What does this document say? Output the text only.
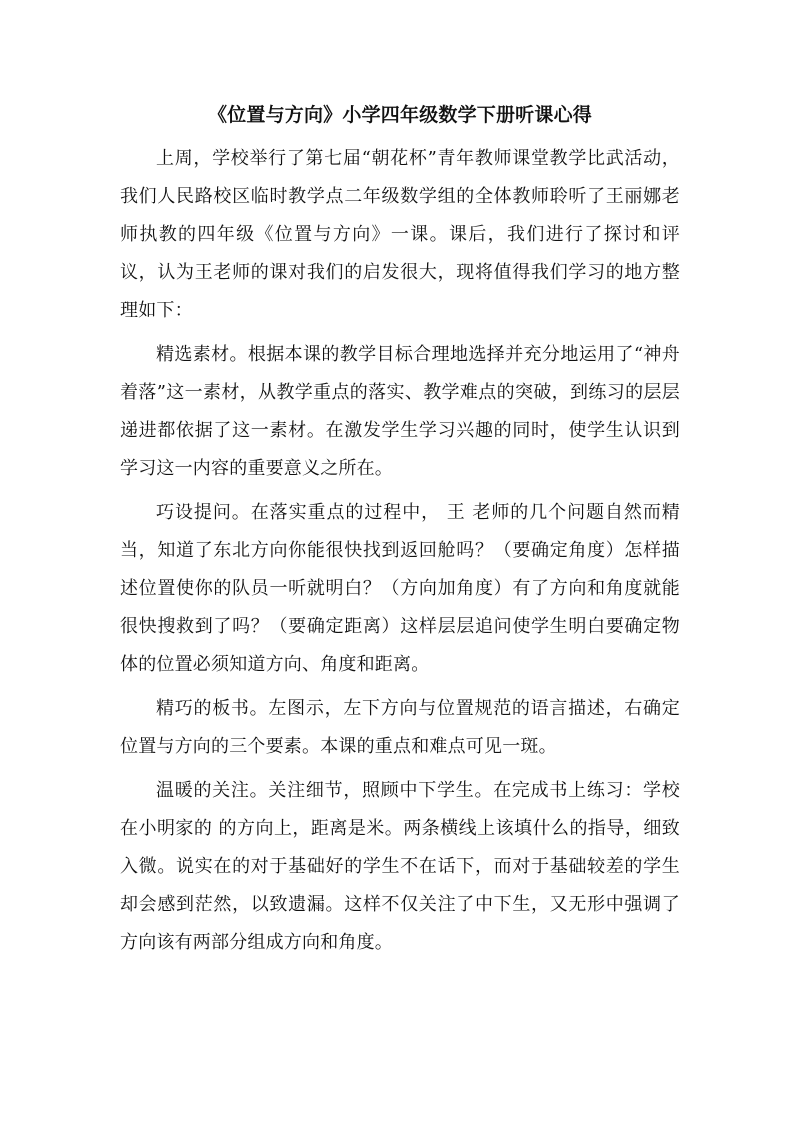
《位置与方向》小学四年级数学下册听课心得

上周，学校举行了第七届“朝花杯”青年教师课堂教学比武活动，我们人民路校区临时教学点二年级数学组的全体教师聆听了王丽娜老师执教的四年级《位置与方向》一课。课后，我们进行了探讨和评议，认为王老师的课对我们的启发很大，现将值得我们学习的地方整理如下：

精选素材。根据本课的教学目标合理地选择并充分地运用了“神舟着落”这一素材，从教学重点的落实、教学难点的突破，到练习的层层递进都依据了这一素材。在激发学生学习兴趣的同时，使学生认识到学习这一内容的重要意义之所在。

巧设提问。在落实重点的过程中， 王 老师的几个问题自然而精当，知道了东北方向你能很快找到返回舱吗？（要确定角度）怎样描述位置使你的队员一听就明白？（方向加角度）有了方向和角度就能很快搜救到了吗？（要确定距离）这样层层追问使学生明白要确定物体的位置必须知道方向、角度和距离。

精巧的板书。左图示，左下方向与位置规范的语言描述，右确定位置与方向的三个要素。本课的重点和难点可见一斑。

温暖的关注。关注细节，照顾中下学生。在完成书上练习：学校在小明家的 的方向上，距离是米。两条横线上该填什么的指导，细致入微。说实在的对于基础好的学生不在话下，而对于基础较差的学生却会感到茫然，以致遗漏。这样不仅关注了中下生，又无形中强调了方向该有两部分组成方向和角度。
